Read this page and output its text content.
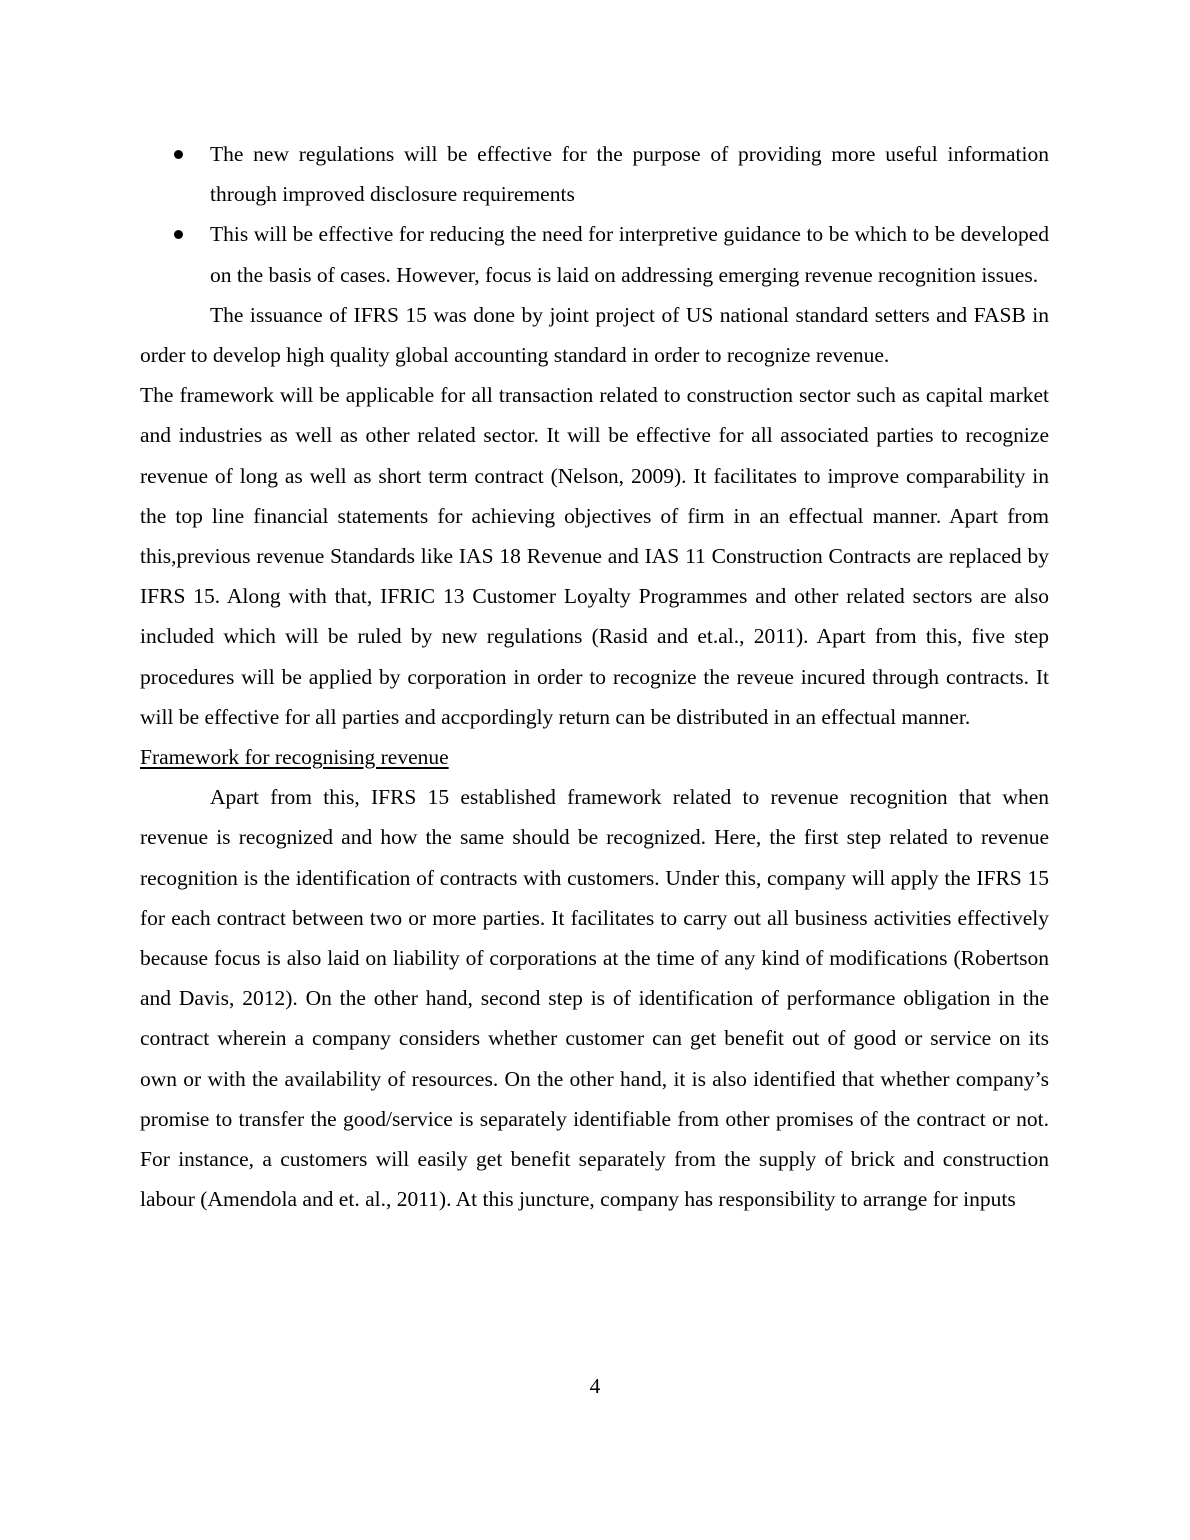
The new regulations will be effective for the purpose of providing more useful information through improved disclosure requirements
This will be effective for reducing the need for interpretive guidance to be which to be developed on the basis of cases. However, focus is laid on addressing emerging revenue recognition issues.

The issuance of IFRS 15 was done by joint project of US national standard setters and FASB in order to develop high quality global accounting standard in order to recognize revenue.
The framework will be applicable for all transaction related to construction sector such as capital market and industries as well as other related sector. It will be effective for all associated parties to recognize revenue of long as well as short term contract (Nelson, 2009). It facilitates to improve comparability in the top line financial statements for achieving objectives of firm in an effectual manner. Apart from this,previous revenue Standards like IAS 18 Revenue and IAS 11 Construction Contracts are replaced by IFRS 15. Along with that, IFRIC 13 Customer Loyalty Programmes and other related sectors are also included which will be ruled by new regulations (Rasid and et.al., 2011). Apart from this, five step procedures will be applied by corporation in order to recognize the reveue incured through contracts. It will be effective for all parties and accpordingly return can be distributed in an effectual manner.

Framework for recognising revenue

Apart from this, IFRS 15 established framework related to revenue recognition that when revenue is recognized and how the same should be recognized. Here, the first step related to revenue recognition is the identification of contracts with customers. Under this, company will apply the IFRS 15 for each contract between two or more parties. It facilitates to carry out all business activities effectively because focus is also laid on liability of corporations at the time of any kind of modifications (Robertson and Davis, 2012). On the other hand, second step is of identification of performance obligation in the contract wherein a company considers whether customer can get benefit out of good or service on its own or with the availability of resources. On the other hand, it is also identified that whether company’s promise to transfer the good/service is separately identifiable from other promises of the contract or not. For instance, a customers will easily get benefit separately from the supply of brick and construction labour (Amendola and et. al., 2011). At this juncture, company has responsibility to arrange for inputs

4
